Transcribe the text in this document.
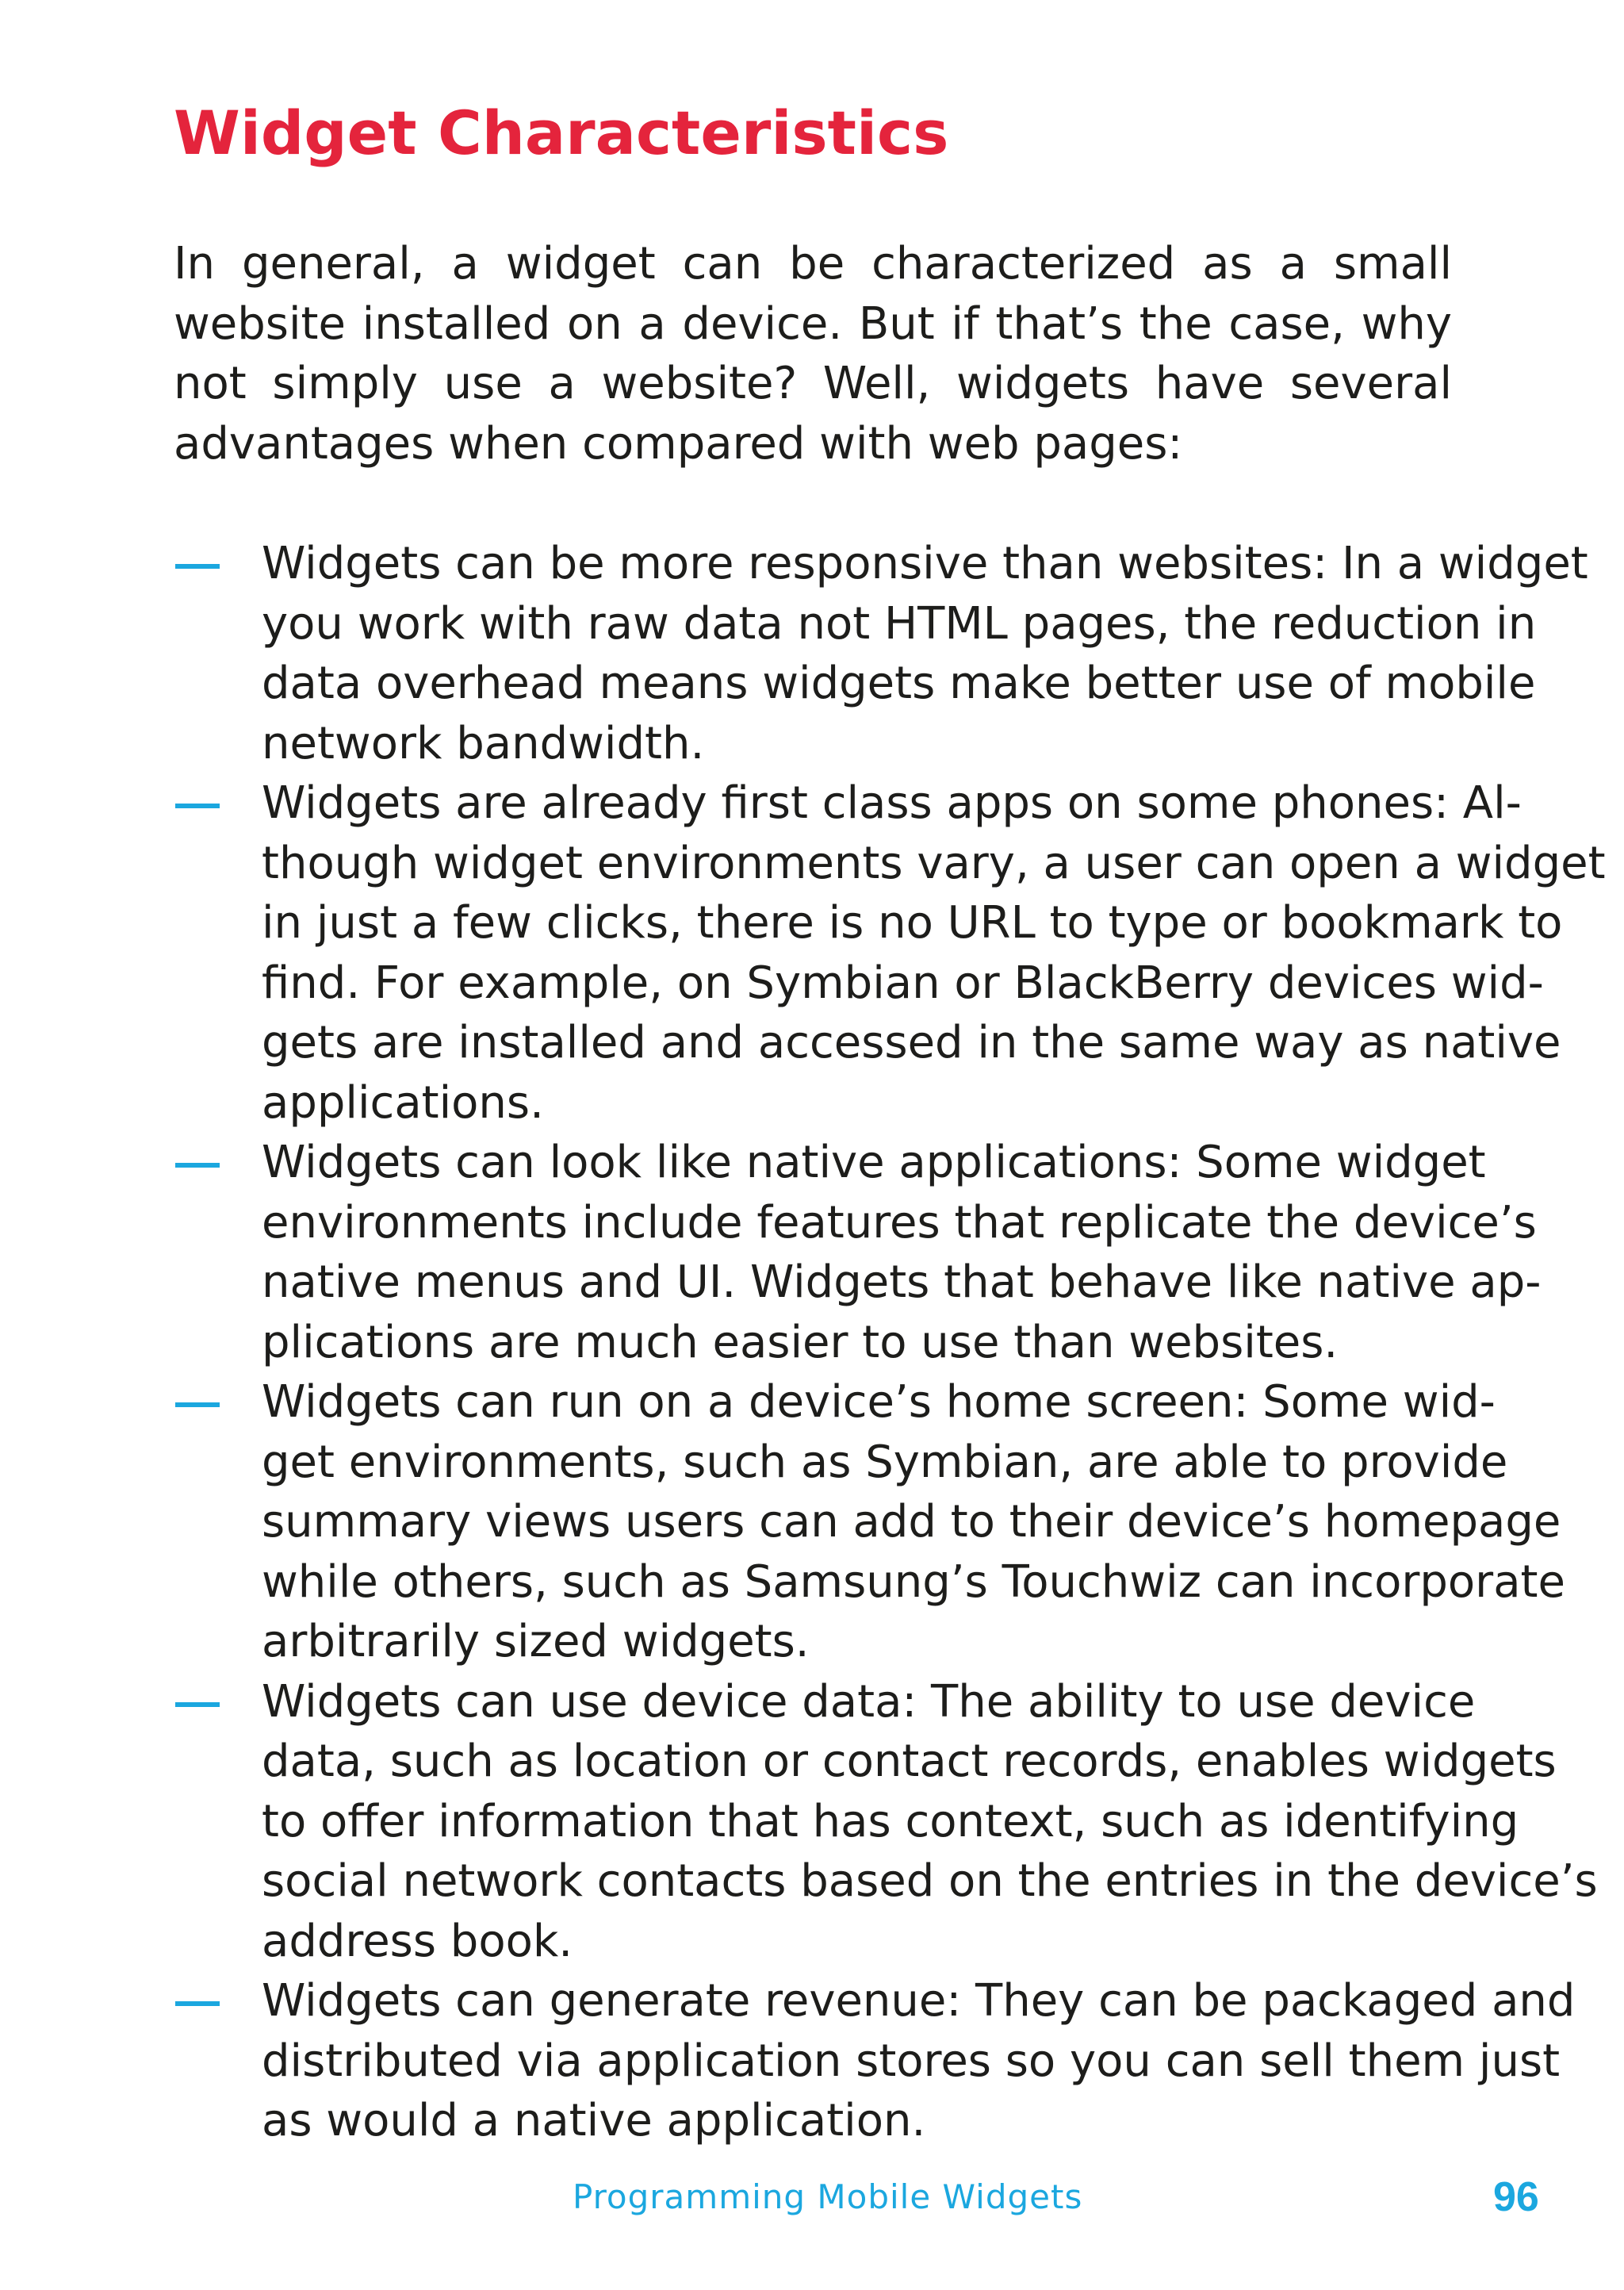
Widget Characteristics

In general, a widget can be characterized as a small website installed on a device. But if that’s the case, why not simply use a website? Well, widgets have several advantages when compared with web pages:

Widgets can be more responsive than websites: In a widget
you work with raw data not HTML pages, the reduction in
data overhead means widgets make better use of mobile
network bandwidth.
Widgets are already first class apps on some phones: Al-
though widget environments vary, a user can open a widget
in just a few clicks, there is no URL to type or bookmark to
find. For example, on Symbian or BlackBerry devices wid-
gets are installed and accessed in the same way as native
applications.
Widgets can look like native applications: Some widget
environments include features that replicate the device’s
native menus and UI. Widgets that behave like native ap-
plications are much easier to use than websites.
Widgets can run on a device’s home screen: Some wid-
get environments, such as Symbian, are able to provide
summary views users can add to their device’s homepage
while others, such as Samsung’s Touchwiz can incorporate
arbitrarily sized widgets.
Widgets can use device data: The ability to use device
data, such as location or contact records, enables widgets
to offer information that has context, such as identifying
social network contacts based on the entries in the device’s
address book.
Widgets can generate revenue: They can be packaged and
distributed via application stores so you can sell them just
as would a native application.
Programming Mobile Widgets	96
